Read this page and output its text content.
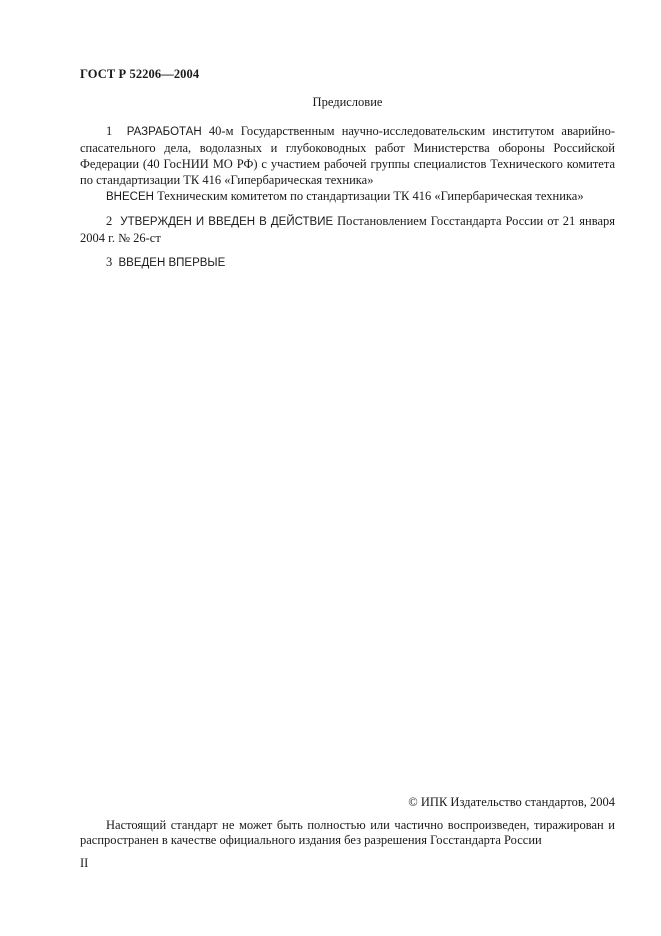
ГОСТ Р 52206—2004
Предисловие
1 РАЗРАБОТАН 40-м Государственным научно-исследовательским институтом аварийно-спасательного дела, водолазных и глубоководных работ Министерства обороны Российской Федерации (40 ГосНИИ МО РФ) с участием рабочей группы специалистов Технического комитета по стандартизации ТК 416 «Гипербарическая техника»
ВНЕСЕН Техническим комитетом по стандартизации ТК 416 «Гипербарическая техника»
2 УТВЕРЖДЕН И ВВЕДЕН В ДЕЙСТВИЕ Постановлением Госстандарта России от 21 января 2004 г. № 26-ст
3 ВВЕДЕН ВПЕРВЫЕ
© ИПК Издательство стандартов, 2004
Настоящий стандарт не может быть полностью или частично воспроизведен, тиражирован и распространен в качестве официального издания без разрешения Госстандарта России
II
